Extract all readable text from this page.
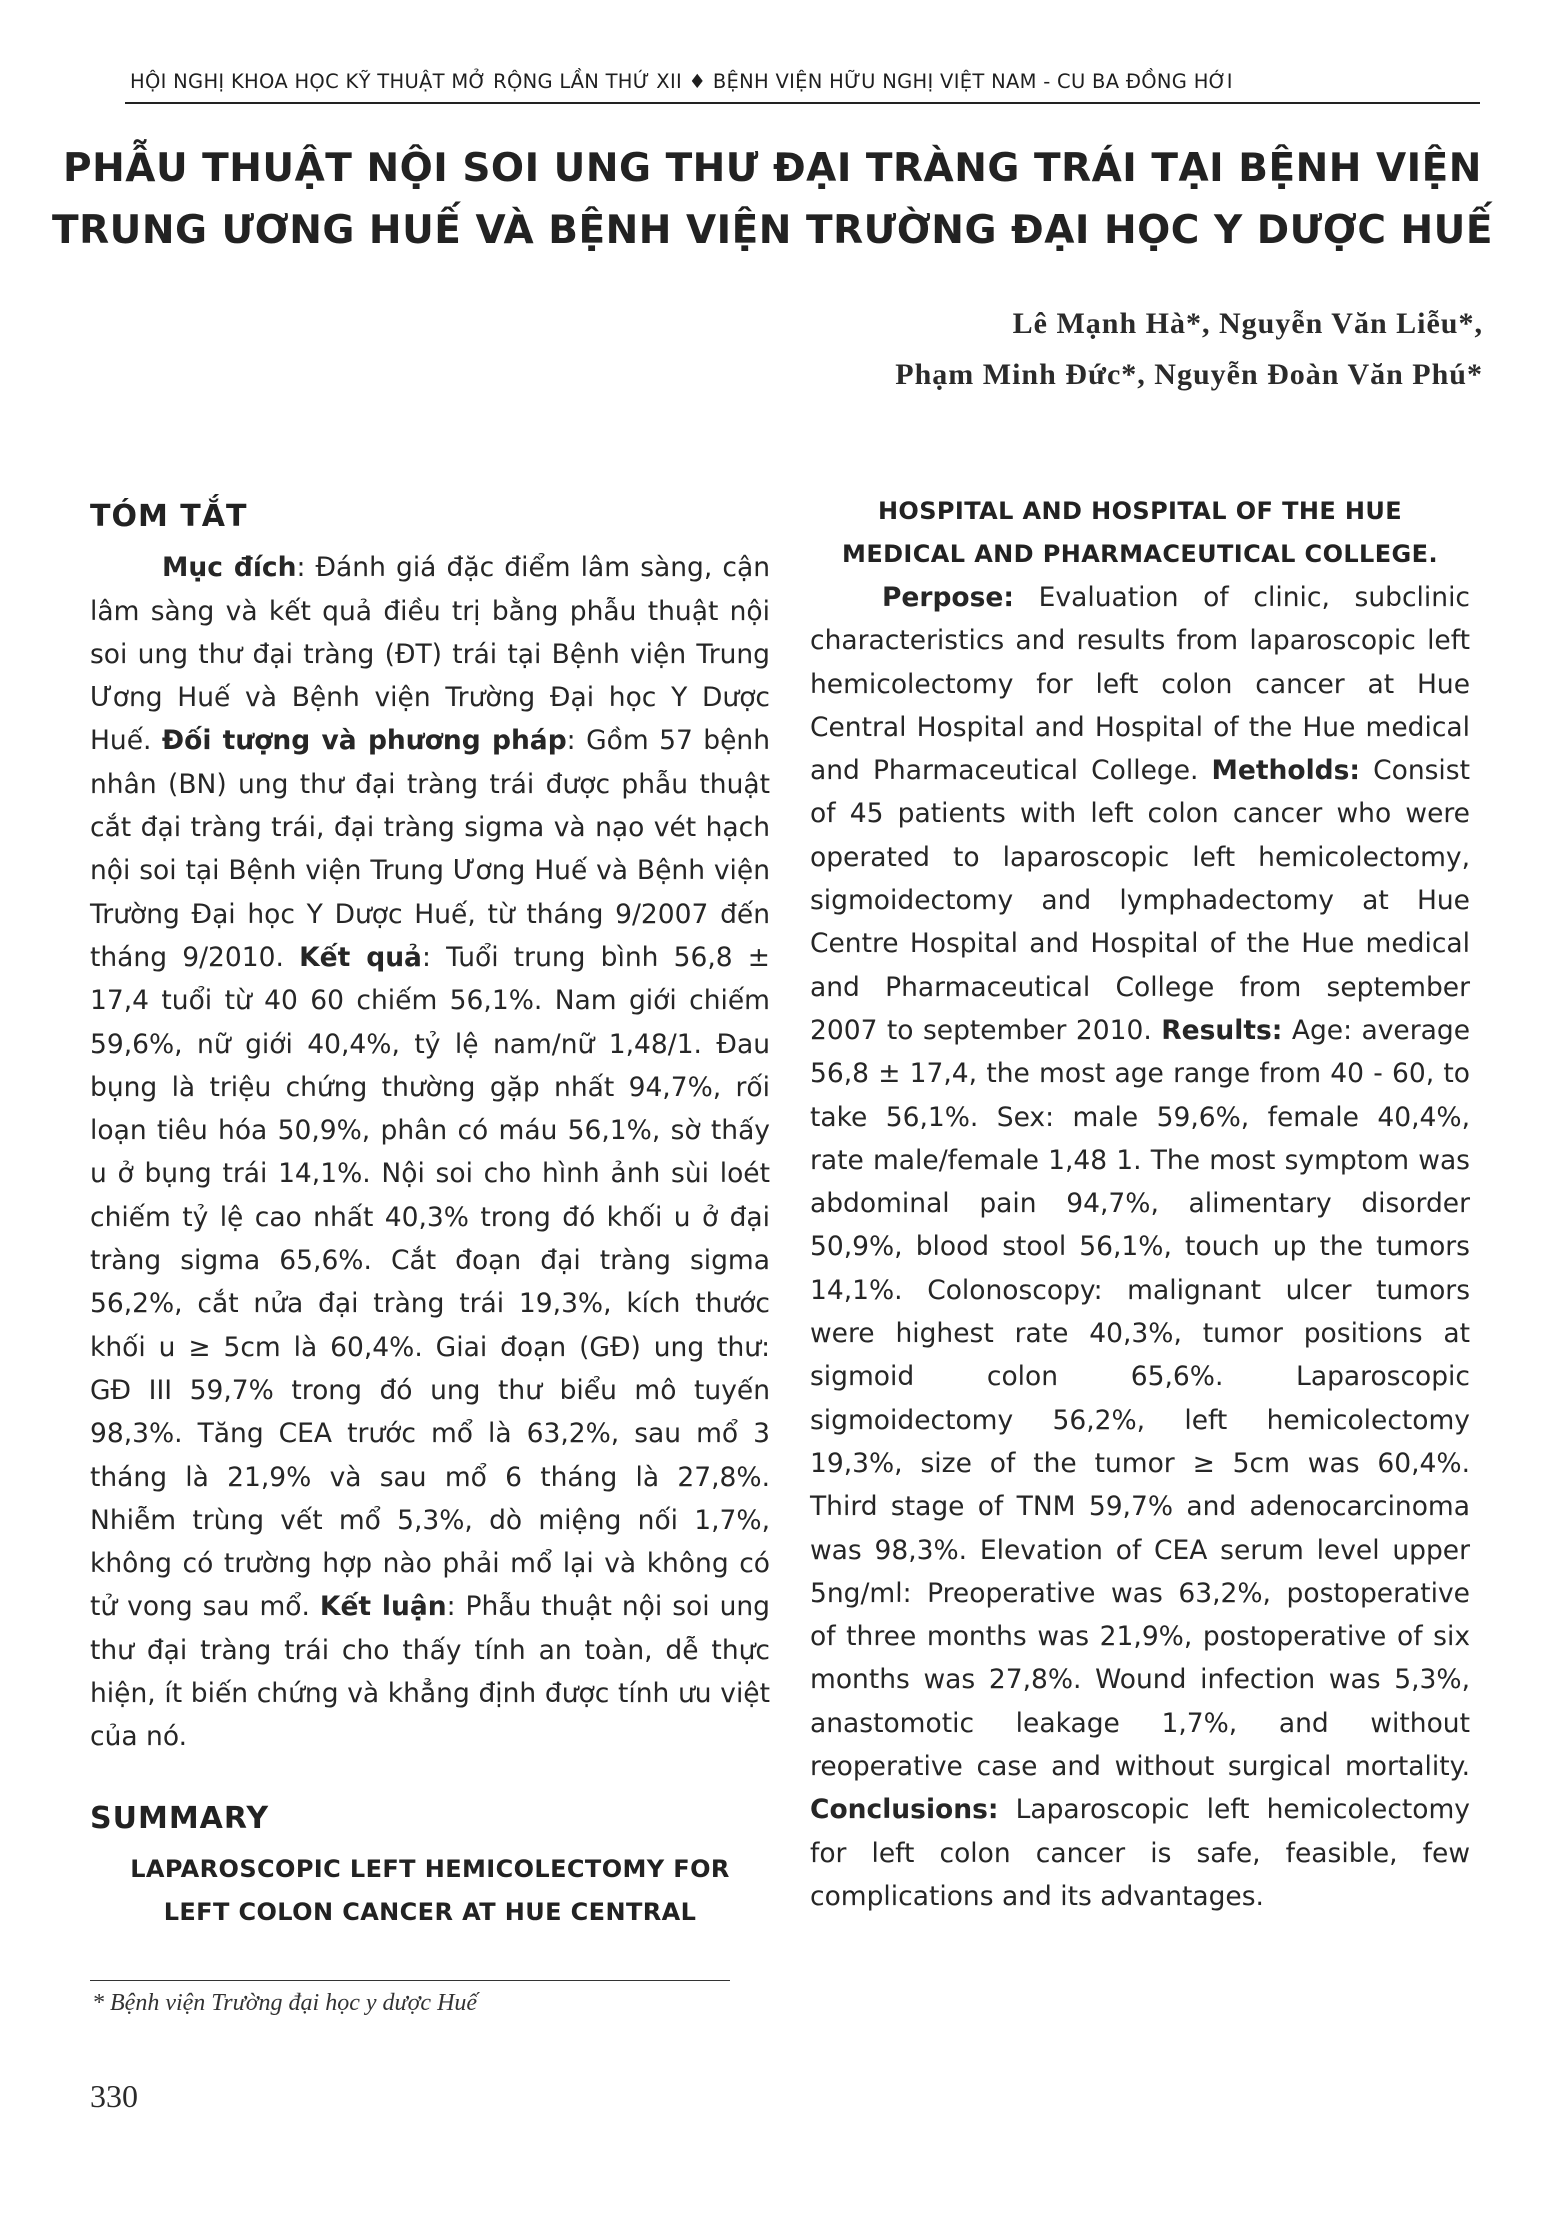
HỘI NGHỊ KHOA HỌC KỸ THUẬT MỞ RỘNG LẦN THỨ XII ♦ BỆNH VIỆN HỮU NGHỊ VIỆT NAM - CU BA ĐỒNG HỚI
PHẪU THUẬT NỘI SOI UNG THƯ ĐẠI TRÀNG TRÁI TẠI BỆNH VIỆN
TRUNG ƯƠNG HUẾ VÀ BỆNH VIỆN TRƯỜNG ĐẠI HỌC Y DƯỢC HUẾ
Lê Mạnh Hà*, Nguyễn Văn Liễu*,
Phạm Minh Đức*, Nguyễn Đoàn Văn Phú*
TÓM TẮT

Mục đích: Đánh giá đặc điểm lâm sàng, cận lâm sàng và kết quả điều trị bằng phẫu thuật nội soi ung thư đại tràng (ĐT) trái tại Bệnh viện Trung Ương Huế và Bệnh viện Trường Đại học Y Dược Huế. Đối tượng và phương pháp: Gồm 57 bệnh nhân (BN) ung thư đại tràng trái được phẫu thuật cắt đại tràng trái, đại tràng sigma và nạo vét hạch nội soi tại Bệnh viện Trung Ương Huế và Bệnh viện Trường Đại học Y Dược Huế, từ tháng 9/2007 đến tháng 9/2010. Kết quả: Tuổi trung bình 56,8 ± 17,4 tuổi từ 40 60 chiếm 56,1%. Nam giới chiếm 59,6%, nữ giới 40,4%, tỷ lệ nam/nữ 1,48/1. Đau bụng là triệu chứng thường gặp nhất 94,7%, rối loạn tiêu hóa 50,9%, phân có máu 56,1%, sờ thấy u ở bụng trái 14,1%. Nội soi cho hình ảnh sùi loét chiếm tỷ lệ cao nhất 40,3% trong đó khối u ở đại tràng sigma 65,6%. Cắt đoạn đại tràng sigma 56,2%, cắt nửa đại tràng trái 19,3%, kích thước khối u ≥ 5cm là 60,4%. Giai đoạn (GĐ) ung thư: GĐ III 59,7% trong đó ung thư biểu mô tuyến 98,3%. Tăng CEA trước mổ là 63,2%, sau mổ 3 tháng là 21,9% và sau mổ 6 tháng là 27,8%. Nhiễm trùng vết mổ 5,3%, dò miệng nối 1,7%, không có trường hợp nào phải mổ lại và không có tử vong sau mổ. Kết luận: Phẫu thuật nội soi ung thư đại tràng trái cho thấy tính an toàn, dễ thực hiện, ít biến chứng và khẳng định được tính ưu việt của nó.

SUMMARY
LAPAROSCOPIC LEFT HEMICOLECTOMY FOR
LEFT COLON CANCER AT HUE CENTRAL
HOSPITAL AND HOSPITAL OF THE HUE
MEDICAL AND PHARMACEUTICAL COLLEGE.

Perpose: Evaluation of clinic, subclinic characteristics and results from laparoscopic left hemicolectomy for left colon cancer at Hue Central Hospital and Hospital of the Hue medical and Pharmaceutical College. Metholds: Consist of 45 patients with left colon cancer who were operated to laparoscopic left hemicolectomy, sigmoidectomy and lymphadectomy at Hue Centre Hospital and Hospital of the Hue medical and Pharmaceutical College from september 2007 to september 2010. Results: Age: average 56,8 ± 17,4, the most age range from 40 - 60, to take 56,1%. Sex: male 59,6%, female 40,4%, rate male/female 1,48 1. The most symptom was abdominal pain 94,7%, alimentary disorder 50,9%, blood stool 56,1%, touch up the tumors 14,1%. Colonoscopy: malignant ulcer tumors were highest rate 40,3%, tumor positions at sigmoid colon 65,6%. Laparoscopic sigmoidectomy 56,2%, left hemicolectomy 19,3%, size of the tumor ≥ 5cm was 60,4%. Third stage of TNM 59,7% and adenocarcinoma was 98,3%. Elevation of CEA serum level upper 5ng/ml: Preoperative was 63,2%, postoperative of three months was 21,9%, postoperative of six months was 27,8%. Wound infection was 5,3%, anastomotic leakage 1,7%, and without reoperative case and without surgical mortality. Conclusions: Laparoscopic left hemicolectomy for left colon cancer is safe, feasible, few complications and its advantages.

* Bệnh viện Trường đại học y dược Huế
330
